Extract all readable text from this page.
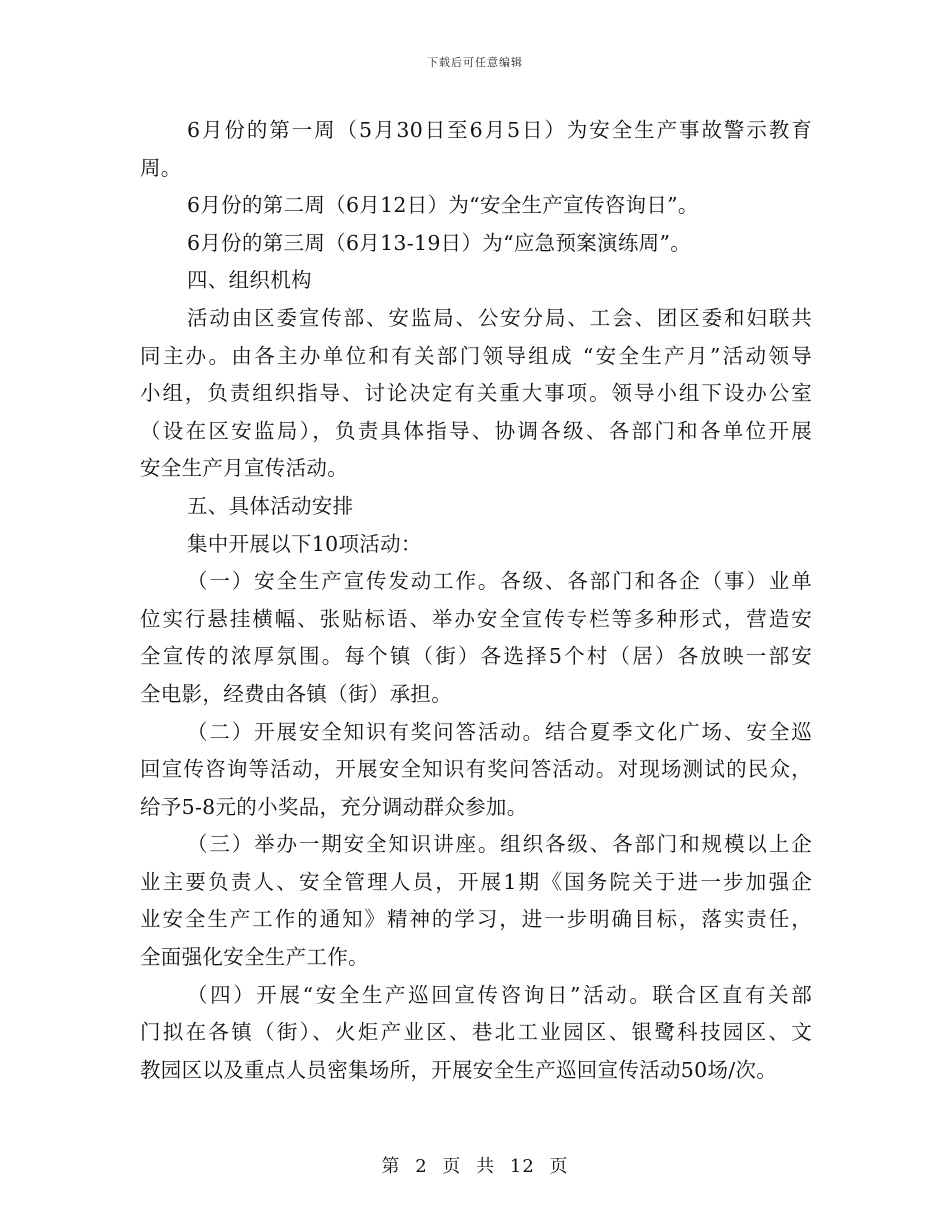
下载后可任意编辑

6月份的第一周（5月30日至6月5日）为安全生产事故警示教育
周。

6月份的第二周（6月12日）为“安全生产宣传咨询日”。

6月份的第三周（6月13-19日）为“应急预案演练周”。

四、组织机构

活动由区委宣传部、安监局、公安分局、工会、团区委和妇联共
同主办。由各主办单位和有关部门领导组成 “安全生产月”活动领导
小组，负责组织指导、讨论决定有关重大事项。领导小组下设办公室
（设在区安监局），负责具体指导、协调各级、各部门和各单位开展
安全生产月宣传活动。

五、具体活动安排

集中开展以下10项活动：

（一）安全生产宣传发动工作。各级、各部门和各企（事）业单
位实行悬挂横幅、张贴标语、举办安全宣传专栏等多种形式，营造安
全宣传的浓厚氛围。每个镇（街）各选择5个村（居）各放映一部安
全电影，经费由各镇（街）承担。

（二）开展安全知识有奖问答活动。结合夏季文化广场、安全巡
回宣传咨询等活动，开展安全知识有奖问答活动。对现场测试的民众，
给予5-8元的小奖品，充分调动群众参加。

（三）举办一期安全知识讲座。组织各级、各部门和规模以上企
业主要负责人、安全管理人员，开展1期《国务院关于进一步加强企
业安全生产工作的通知》精神的学习，进一步明确目标，落实责任，
全面强化安全生产工作。

（四）开展“安全生产巡回宣传咨询日”活动。联合区直有关部
门拟在各镇（街）、火炬产业区、巷北工业园区、银鹭科技园区、文
教园区以及重点人员密集场所，开展安全生产巡回宣传活动50场/次。

第 2 页 共 12 页
